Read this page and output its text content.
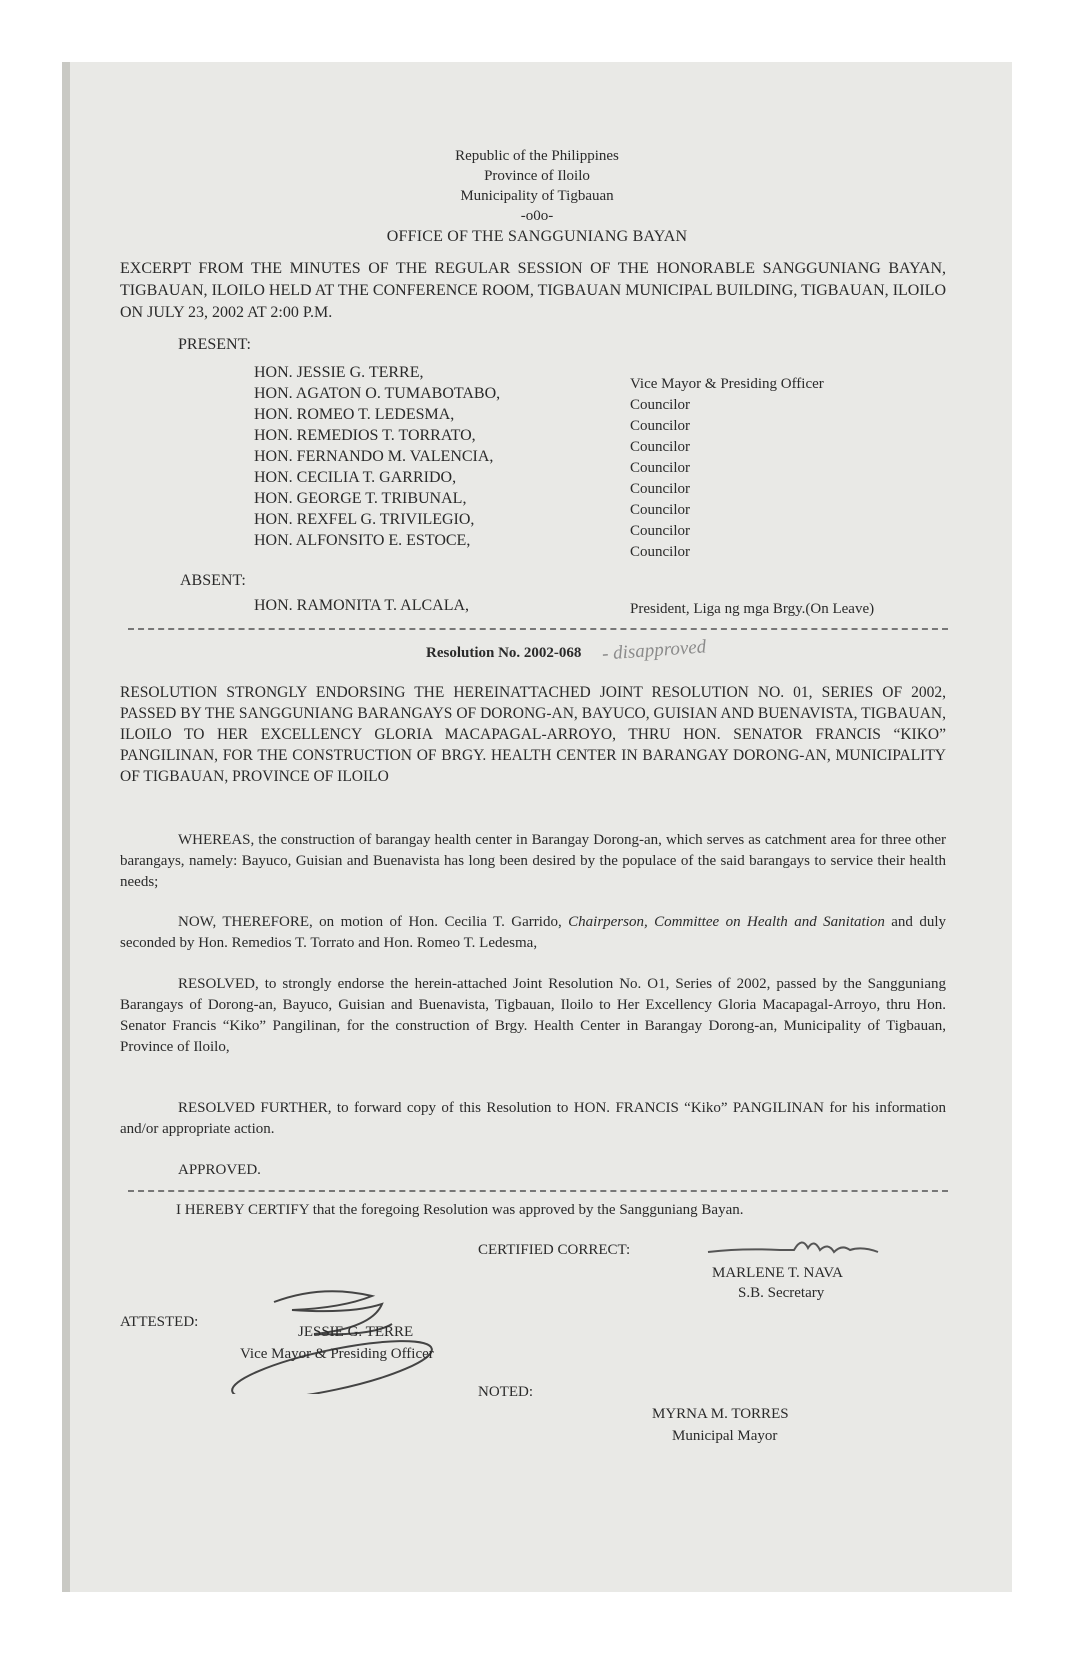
Republic of the Philippines
Province of Iloilo
Municipality of Tigbauan
-o0o-
OFFICE OF THE SANGGUNIANG BAYAN
EXCERPT FROM THE MINUTES OF THE REGULAR SESSION OF THE HONORABLE SANGGUNIANG BAYAN, TIGBAUAN, ILOILO HELD AT THE CONFERENCE ROOM, TIGBAUAN MUNICIPAL BUILDING, TIGBAUAN, ILOILO ON JULY 23, 2002 AT 2:00 P.M.
PRESENT:
HON. JESSIE G. TERRE,
Vice Mayor & Presiding Officer
HON. AGATON O. TUMABOTABO,
Councilor
HON. ROMEO T. LEDESMA,
Councilor
HON. REMEDIOS T. TORRATO,
Councilor
HON. FERNANDO M. VALENCIA,
Councilor
HON. CECILIA T. GARRIDO,
Councilor
HON. GEORGE T. TRIBUNAL,
Councilor
HON. REXFEL G. TRIVILEGIO,
Councilor
HON. ALFONSITO E. ESTOCE,
Councilor
ABSENT:
HON. RAMONITA T. ALCALA,	President, Liga ng mga Brgy.(On Leave)
Resolution No. 2002-068 - disapproved
RESOLUTION STRONGLY ENDORSING THE HEREINATTACHED JOINT RESOLUTION NO. 01, SERIES OF 2002, PASSED BY THE SANGGUNIANG BARANGAYS OF DORONG-AN, BAYUCO, GUISIAN AND BUENAVISTA, TIGBAUAN, ILOILO TO HER EXCELLENCY GLORIA MACAPAGAL-ARROYO, THRU HON. SENATOR FRANCIS “KIKO” PANGILINAN, FOR THE CONSTRUCTION OF BRGY. HEALTH CENTER IN BARANGAY DORONG-AN, MUNICIPALITY OF TIGBAUAN, PROVINCE OF ILOILO
WHEREAS, the construction of barangay health center in Barangay Dorong-an, which serves as catchment area for three other barangays, namely: Bayuco, Guisian and Buenavista has long been desired by the populace of the said barangays to service their health needs;
NOW, THEREFORE, on motion of Hon. Cecilia T. Garrido, Chairperson, Committee on Health and Sanitation and duly seconded by Hon. Remedios T. Torrato and Hon. Romeo T. Ledesma,
RESOLVED, to strongly endorse the herein-attached Joint Resolution No. O1, Series of 2002, passed by the Sangguniang Barangays of Dorong-an, Bayuco, Guisian and Buenavista, Tigbauan, Iloilo to Her Excellency Gloria Macapagal-Arroyo, thru Hon. Senator Francis “Kiko” Pangilinan, for the construction of Brgy. Health Center in Barangay Dorong-an, Municipality of Tigbauan, Province of Iloilo,
RESOLVED FURTHER, to forward copy of this Resolution to HON. FRANCIS “Kiko” PANGILINAN for his information and/or appropriate action.
APPROVED.
I HEREBY CERTIFY that the foregoing Resolution was approved by the Sangguniang Bayan.
CERTIFIED CORRECT:
MARLENE T. NAVA
S.B. Secretary
ATTESTED:
JESSIE G. TERRE
Vice Mayor & Presiding Officer
NOTED:
MYRNA M. TORRES
Municipal Mayor
